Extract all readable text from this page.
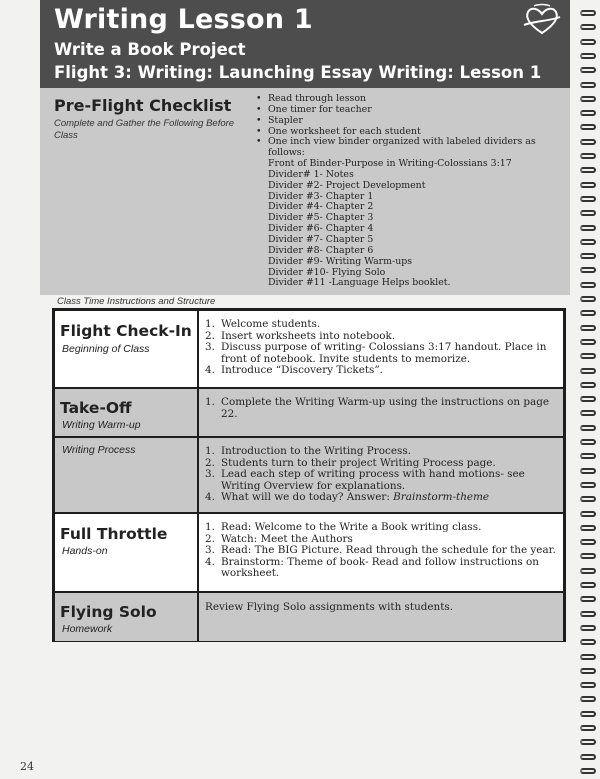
Writing Lesson 1
Write a Book Project
Flight 3: Writing: Launching Essay Writing: Lesson 1
Pre-Flight Checklist
Complete and Gather the Following Before Class
• Read through lesson
• One timer for teacher
• Stapler
• One worksheet for each student
• One inch view binder organized with labeled dividers as
follows:
Front of Binder-Purpose in Writing-Colossians 3:17
Divider# 1- Notes
Divider #2- Project Development
Divider #3- Chapter 1
Divider #4- Chapter 2
Divider #5- Chapter 3
Divider #6- Chapter 4
Divider #7- Chapter 5
Divider #8- Chapter 6
Divider #9- Writing Warm-ups
Divider #10- Flying Solo
Divider #11 -Language Helps booklet.
Class Time Instructions and Structure
Flight Check-In
Beginning of Class
1. Welcome students.
2. Insert worksheets into notebook.
3. Discuss purpose of writing- Colossians 3:17 handout. Place in front of notebook. Invite students to memorize.
4. Introduce “Discovery Tickets”.
Take-Off
Writing Warm-up
1. Complete the Writing Warm-up using the instructions on page 22.
Writing Process	1. Introduction to the Writing Process.
2. Students turn to their project Writing Process page.
3. Lead each step of writing process with hand motions- see Writing Overview for explanations.
4. What will we do today? Answer: Brainstorm-theme
Full Throttle
Hands-on
1. Read: Welcome to the Write a Book writing class.
2. Watch: Meet the Authors
3. Read: The BIG Picture. Read through the schedule for the year.
4. Brainstorm: Theme of book- Read and follow instructions on worksheet.
Flying Solo
Homework
Review Flying Solo assignments with students.
24
